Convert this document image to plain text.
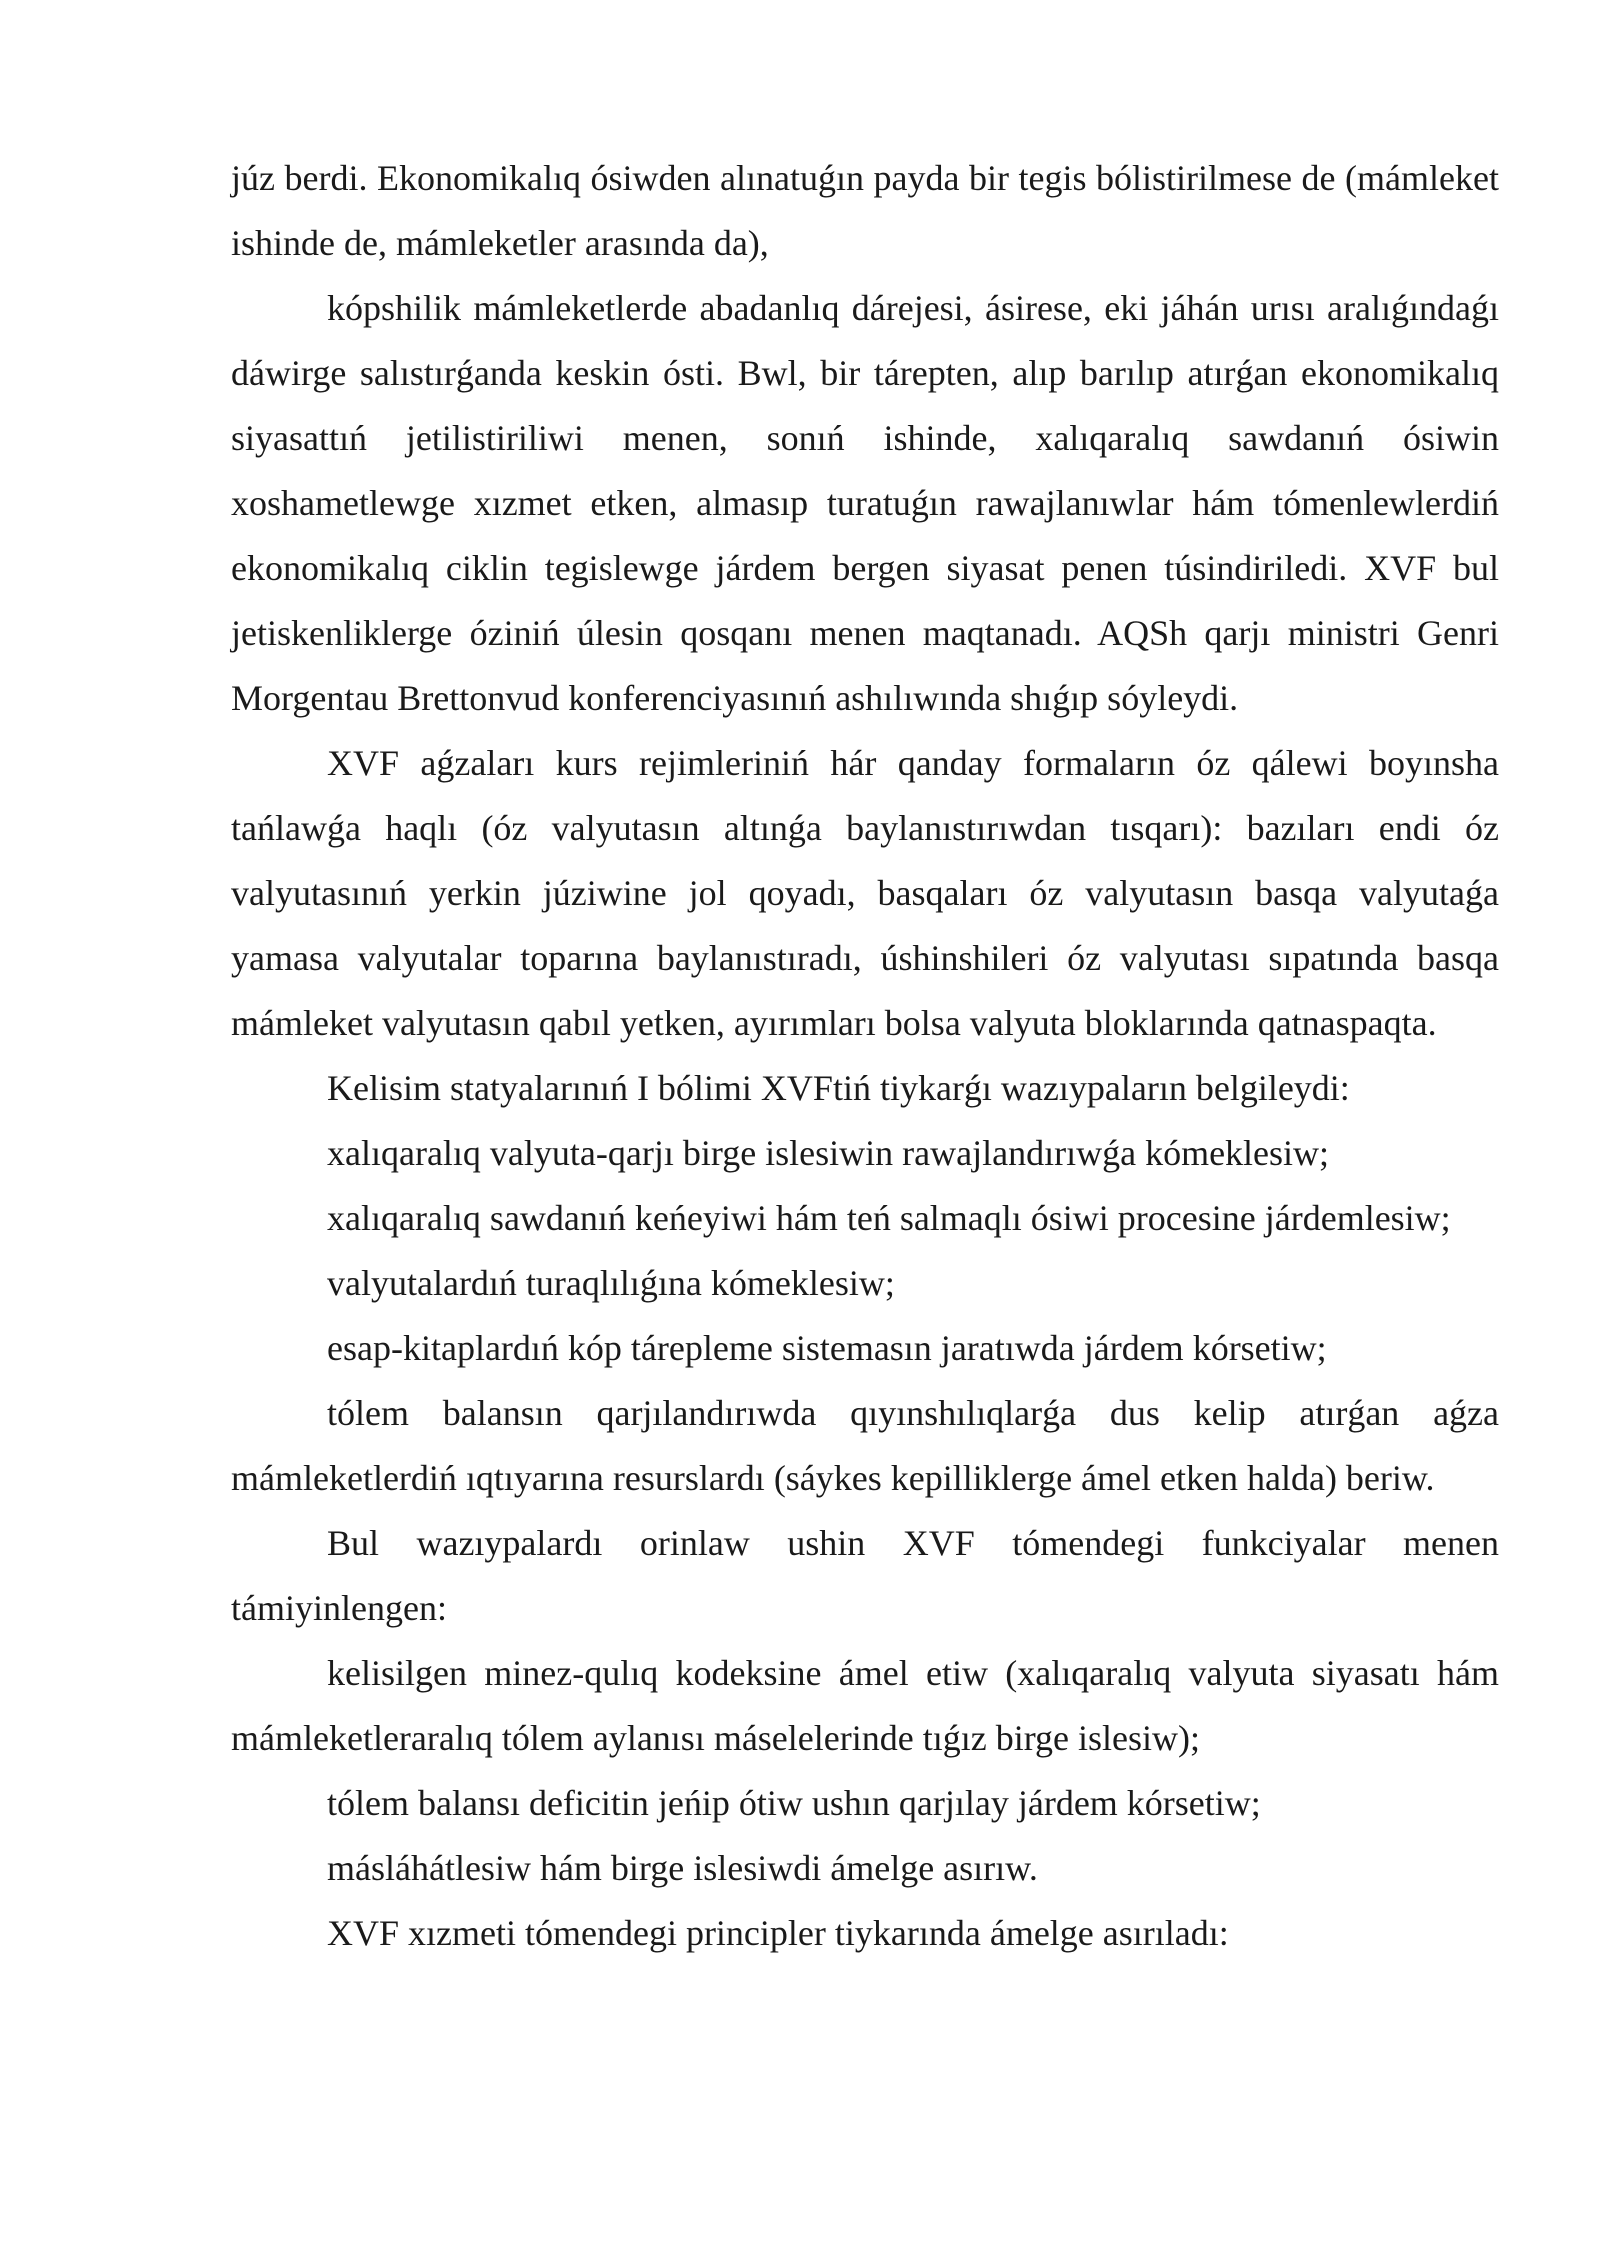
júz berdi. Ekonomikalıq ósiwden alınatuǵın payda bir tegis bólistirilmese de (mámleket ishinde de, mámleketler arasında da),

kópshilik mámleketlerde abadanlıq dárejesi, ásirese, eki jáhán urısı aralıǵındaǵı dáwirge salıstırǵanda keskin ósti. Bwl, bir tárepten, alıp barılıp atırǵan ekonomikalıq siyasattıń jetilistiriliwi menen, sonıń ishinde, xalıqaralıq sawdanıń ósiwin xoshametlewge xızmet etken, almasıp turatuǵın rawajlanıwlar hám tómenlewlerdiń ekonomikalıq ciklin tegislewge járdem bergen siyasat penen túsindiriledi. XVF bul jetiskenliklerge óziniń úlesin qosqanı menen maqtanadı. AQSh qarjı ministri Genri Morgentau Brettonvud konferenciyasınıń ashılıwında shıǵıp sóyleydi.

XVF aǵzaları kurs rejimleriniń hár qanday formaların óz qálewi boyınsha tańlawǵa haqlı (óz valyutasın altınǵa baylanıstırıwdan tısqarı): bazıları endi óz valyutasınıń yerkin júziwine jol qoyadı, basqaları óz valyutasın basqa valyutaǵa yamasa valyutalar toparına baylanıstıradı, úshinshileri óz valyutası sıpatında basqa mámleket valyutasın qabıl yetken, ayırımları bolsa valyuta bloklarında qatnaspaqta.

Kelisim statyalarınıń I bólimi XVFtiń tiykarǵı wazıypaların belgileydi:

xalıqaralıq valyuta-qarjı birge islesiwin rawajlandırıwǵa kómeklesiw;

xalıqaralıq sawdanıń keńeyiwi hám teń salmaqlı ósiwi procesine járdemlesiw;

valyutalardıń turaqlılıǵına kómeklesiw;

esap-kitaplardıń kóp tárepleme sistemasın jaratıwda járdem kórsetiw;

tólem balansın qarjılandırıwda qıyınshılıqlarǵa dus kelip atırǵan aǵza mámleketlerdiń ıqtıyarına resurslardı (sáykes kepilliklerge ámel etken halda) beriw.

Bul wazıypalardı orinlaw ushin XVF tómendegi funkciyalar menen támiyinlengen:

kelisilgen minez-qulıq kodeksine ámel etiw (xalıqaralıq valyuta siyasatı hám mámleketleraralıq tólem aylanısı máselelerinde tıǵız birge islesiw);

tólem balansı deficitin jeńip ótiw ushın qarjılay járdem kórsetiw;

másláhátlesiw hám birge islesiwdi ámelge asırıw.

XVF xızmeti tómendegi principler tiykarında ámelge asırıladı:
